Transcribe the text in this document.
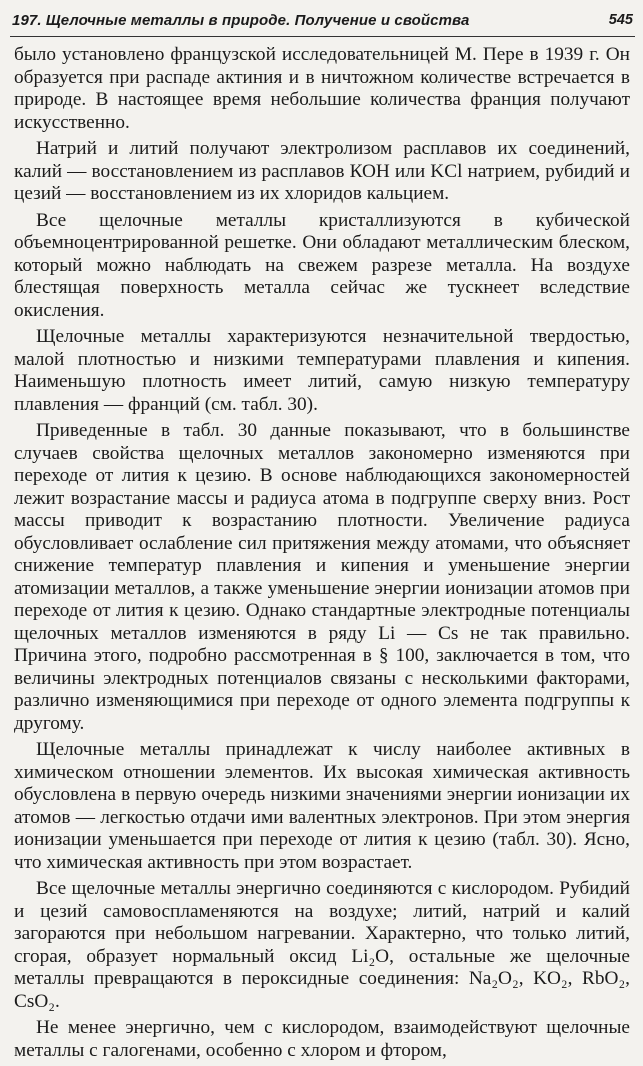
197. Щелочные металлы в природе. Получение и свойства	545

было установлено французской исследовательницей М. Пере в 1939 г. Он образуется при распаде актиния и в ничтожном количестве встречается в природе. В настоящее время небольшие количества франция получают искусственно.

Натрий и литий получают электролизом расплавов их соединений, калий — восстановлением из расплавов КОН или KCl натрием, рубидий и цезий — восстановлением из их хлоридов кальцием.

Все щелочные металлы кристаллизуются в кубической объемноцентрированной решетке. Они обладают металлическим блеском, который можно наблюдать на свежем разрезе металла. На воздухе блестящая поверхность металла сейчас же тускнеет вследствие окисления.

Щелочные металлы характеризуются незначительной твердостью, малой плотностью и низкими температурами плавления и кипения. Наименьшую плотность имеет литий, самую низкую температуру плавления — франций (см. табл. 30).

Приведенные в табл. 30 данные показывают, что в большинстве случаев свойства щелочных металлов закономерно изменяются при переходе от лития к цезию. В основе наблюдающихся закономерностей лежит возрастание массы и радиуса атома в подгруппе сверху вниз. Рост массы приводит к возрастанию плотности. Увеличение радиуса обусловливает ослабление сил притяжения между атомами, что объясняет снижение температур плавления и кипения и уменьшение энергии атомизации металлов, а также уменьшение энергии ионизации атомов при переходе от лития к цезию. Однако стандартные электродные потенциалы щелочных металлов изменяются в ряду Li — Cs не так правильно. Причина этого, подробно рассмотренная в § 100, заключается в том, что величины электродных потенциалов связаны с несколькими факторами, различно изменяющимися при переходе от одного элемента подгруппы к другому.

Щелочные металлы принадлежат к числу наиболее активных в химическом отношении элементов. Их высокая химическая активность обусловлена в первую очередь низкими значениями энергии ионизации их атомов — легкостью отдачи ими валентных электронов. При этом энергия ионизации уменьшается при переходе от лития к цезию (табл. 30). Ясно, что химическая активность при этом возрастает.

Все щелочные металлы энергично соединяются с кислородом. Рубидий и цезий самовоспламеняются на воздухе; литий, натрий и калий загораются при небольшом нагревании. Характерно, что только литий, сгорая, образует нормальный оксид Li₂O, остальные же щелочные металлы превращаются в пероксидные соединения: Na₂O₂, KO₂, RbO₂, CsO₂.

Не менее энергично, чем с кислородом, взаимодействуют щелочные металлы с галогенами, особенно с хлором и фтором,
